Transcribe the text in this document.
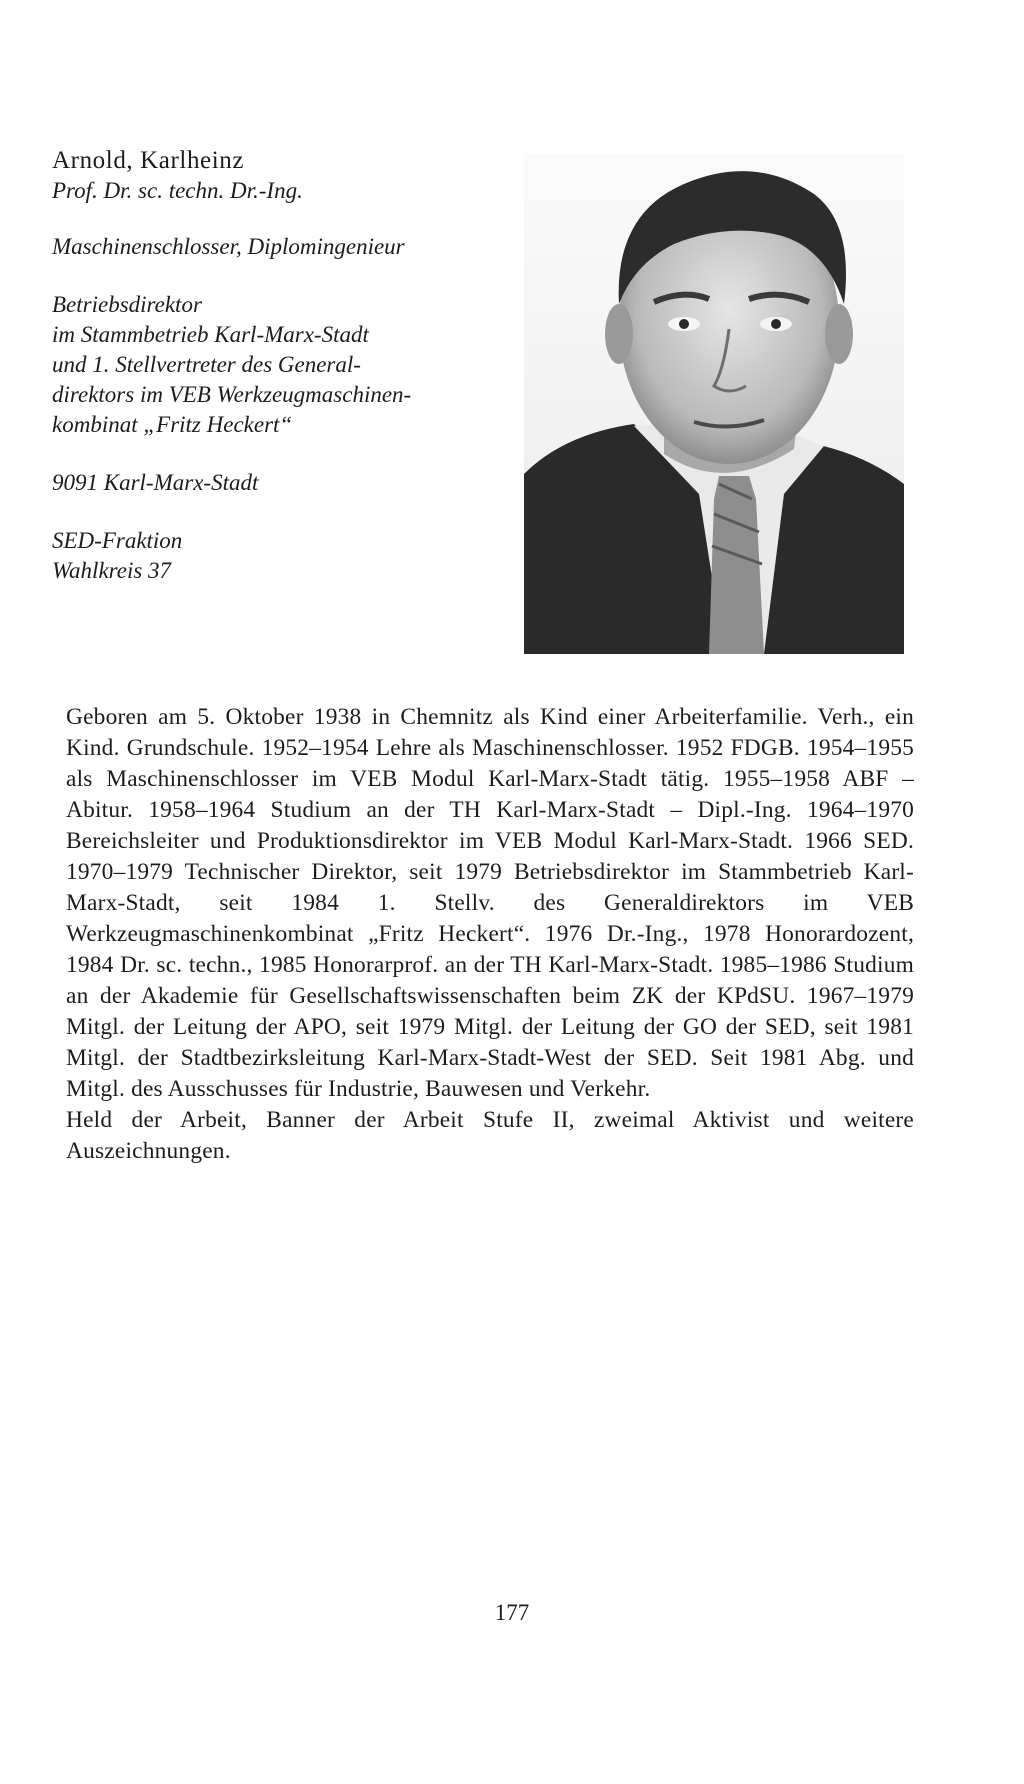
Arnold, Karlheinz

Prof. Dr. sc. techn. Dr.-Ing.

Maschinenschlosser, Diplomingenieur

Betriebsdirektor

im Stammbetrieb Karl-Marx-Stadt

und 1. Stellvertreter des General-

direktors im VEB Werkzeugmaschinen-

kombinat „Fritz Heckert“

9091 Karl-Marx-Stadt

SED-Fraktion

Wahlkreis 37

Geboren am 5. Oktober 1938 in Chemnitz als Kind einer Arbeiterfamilie. Verh., ein Kind. Grundschule. 1952–1954 Lehre als Maschinenschlosser. 1952 FDGB. 1954–1955 als Maschinenschlosser im VEB Modul Karl-Marx-Stadt tätig. 1955–1958 ABF – Abitur. 1958–1964 Studium an der TH Karl-Marx-Stadt – Dipl.-Ing. 1964–1970 Bereichsleiter und Produktionsdirektor im VEB Modul Karl-Marx-Stadt. 1966 SED. 1970–1979 Technischer Direktor, seit 1979 Betriebsdirektor im Stammbetrieb Karl-Marx-Stadt, seit 1984 1. Stellv. des Generaldirektors im VEB Werkzeugmaschinenkombinat „Fritz Heckert“. 1976 Dr.-Ing., 1978 Honorardozent, 1984 Dr. sc. techn., 1985 Honorarprof. an der TH Karl-Marx-Stadt. 1985–1986 Studium an der Akademie für Gesellschaftswissenschaften beim ZK der KPdSU. 1967–1979 Mitgl. der Leitung der APO, seit 1979 Mitgl. der Leitung der GO der SED, seit 1981 Mitgl. der Stadtbezirksleitung Karl-Marx-Stadt-West der SED. Seit 1981 Abg. und Mitgl. des Ausschusses für Industrie, Bauwesen und Verkehr.

Held der Arbeit, Banner der Arbeit Stufe II, zweimal Aktivist und weitere Auszeichnungen.

177
